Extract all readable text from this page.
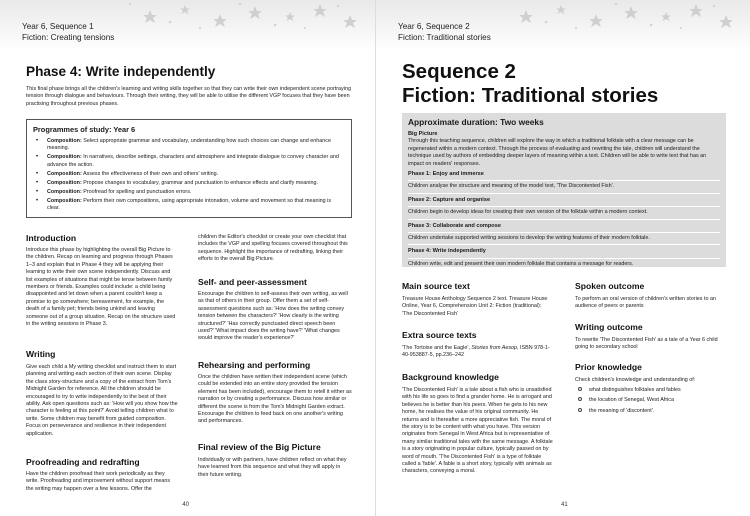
Year 6, Sequence 1
Fiction: Creating tensions
Phase 4: Write independently
This final phase brings all the children's learning and writing skills together so that they can write their own independent scene portraying tension through dialogue and behaviours. Through their writing, they will be able to utilise the different VGP focuses that they have been practising throughout previous phases.
Programmes of study: Year 6
• Composition: Select appropriate grammar and vocabulary, understanding how such choices can change and enhance meaning.
• Composition: In narratives, describe settings, characters and atmosphere and integrate dialogue to convey character and advance the action.
• Composition: Assess the effectiveness of their own and others' writing.
• Composition: Propose changes to vocabulary, grammar and punctuation to enhance effects and clarify meaning.
• Composition: Proofread for spelling and punctuation errors.
• Composition: Perform their own compositions, using appropriate intonation, volume and movement so that meaning is clear.
Introduction
Introduce this phase by highlighting the overall Big Picture to the children. Recap on learning and progress through Phases 1–3 and explain that in Phase 4 they will be applying their learning to write their own scene independently. Discuss and list examples of situations that might be tense between family members or friends. Examples could include: a child being disappointed and let down when a parent couldn't keep a promise to go somewhere; bereavement, for example, the death of a family pet; friends being unkind and leaving someone out of a group situation. Recap on the structure used in the writing sessions in Phase 3.
Writing
Give each child a My writing checklist and instruct them to start planning and writing each section of their own scene. Display the class story-structure and a copy of the extract from Tom's Midnight Garden for reference. All the children should be encouraged to try to write independently to the best of their ability. Ask open questions such as: 'How will you show how the character is feeling at this point?' Avoid telling children what to write. Some children may benefit from guided composition. Focus on perseverance and resilience in their independent application.
Proofreading and redrafting
Have the children proofread their work periodically as they write. Proofreading and improvement without support means the writing may happen over a few lessons. Offer the
children the Editor's checklist or create your own checklist that includes the VGP and spelling focuses covered throughout this sequence. Highlight the importance of redrafting, linking their efforts to the overall Big Picture.
Self- and peer-assessment
Encourage the children to self-assess their own writing, as well as that of others in their group. Offer them a set of self-assessment questions such as: 'How does the writing convey tension between the characters?' 'How clearly is the writing structured?' 'Has correctly punctuated direct speech been used?' 'What impact does the writing have?' 'What changes would improve the reader's experience?'
Rehearsing and performing
Once the children have written their independent scene (which could be extended into an entire story provided the tension element has been included), encourage them to retell it either as narration or by creating a performance. Discuss how similar or different the scene is from the Tom's Midnight Garden extract. Encourage the children to feed back on one another's writing and performances.
Final review of the Big Picture
Individually or with partners, have children reflect on what they have learned from this sequence and what they will apply in their future writing.
40
Year 6, Sequence 2
Fiction: Traditional stories
Sequence 2
Fiction: Traditional stories
Approximate duration: Two weeks
Big Picture
Through this teaching sequence, children will explore the way in which a traditional folktale with a clear message can be regenerated within a modern context. Through the process of evaluating and rewriting the tale, children will understand the technique used by authors of embedding deeper layers of meaning within a text. Children will be able to write text that has an impact on readers' responses.
Phase 1: Enjoy and immerse
Children analyse the structure and meaning of the model text, 'The Discontented Fish'.
Phase 2: Capture and organise
Children begin to develop ideas for creating their own version of the folktale within a modern context.
Phase 3: Collaborate and compose
Children undertake supported writing sessions to develop the writing features of their modern folktale.
Phase 4: Write independently
Children write, edit and present their own modern folktale that contains a message for readers.
Main source text
Treasure House Anthology Sequence 2 text. Treasure House Online, Year 6, Comprehension Unit 2: Fiction (traditional): 'The Discontented Fish'
Extra source texts
'The Tortoise and the Eagle', Stories from Aesop, ISBN 978-1-40-953887-5, pp.236–242
Background knowledge
'The Discontented Fish' is a tale about a fish who is unsatisfied with his life so goes to find a grander home. He is arrogant and believes he is better than his peers. When he gets to his new home, he realises the value of his original community. He returns and is thereafter a more appreciative fish. The moral of the story is to be content with what you have. This version originates from Senegal in West Africa but is representative of many similar traditional tales with the same message. A folktale is a story originating in popular culture, typically passed on by word of mouth. 'The Discontented Fish' is a type of folktale called a 'fable'. A fable is a short story, typically with animals as characters, conveying a moral.
Spoken outcome
To perform an oral version of children's written stories to an audience of peers or parents
Writing outcome
To rewrite 'The Discontented Fish' as a tale of a Year 6 child going to secondary school
Prior knowledge
Check children's knowledge and understanding of:
what distinguishes folktales and fables
the location of Senegal, West Africa
the meaning of 'discontent'.
41
